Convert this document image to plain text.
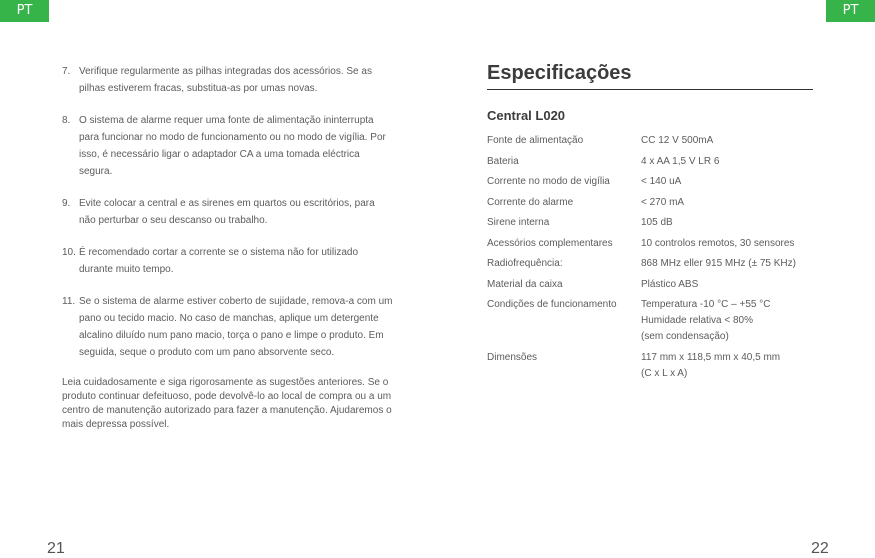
PT	PT
7. Verifique regularmente as pilhas integradas dos acessórios. Se as pilhas estiverem fracas, substitua-as por umas novas.
8. O sistema de alarme requer uma fonte de alimentação ininterrupta para funcionar no modo de funcionamento ou no modo de vigília. Por isso, é necessário ligar o adaptador CA a uma tomada eléctrica segura.
9. Evite colocar a central e as sirenes em quartos ou escritórios, para não perturbar o seu descanso ou trabalho.
10. É recomendado cortar a corrente se o sistema não for utilizado durante muito tempo.
11. Se o sistema de alarme estiver coberto de sujidade, remova-a com um pano ou tecido macio. No caso de manchas, aplique um detergente alcalino diluído num pano macio, torça o pano e limpe o produto. Em seguida, seque o produto com um pano absorvente seco.
Leia cuidadosamente e siga rigorosamente as sugestões anteriores. Se o produto continuar defeituoso, pode devolvê-lo ao local de compra ou a um centro de manutenção autorizado para fazer a manutenção. Ajudaremos o mais depressa possível.
Especificações
Central L020
Fonte de alimentação	CC 12 V 500mA

Bateria	4 x AA 1,5 V LR 6

Corrente no modo de vigília	< 140 uA

Corrente do alarme	< 270 mA

Sirene interna	105 dB

Acessórios complementares	10 controlos remotos, 30 sensores

Radiofrequência:	868 MHz eller 915 MHz (± 75 KHz)

Material da caixa	Plástico ABS

Condições de funcionamento	Temperatura -10 °C – +55 °C
Humidade relativa < 80%
(sem condensação)

Dimensões	117 mm x 118,5 mm x 40,5 mm
(C x L x A)
21	22
